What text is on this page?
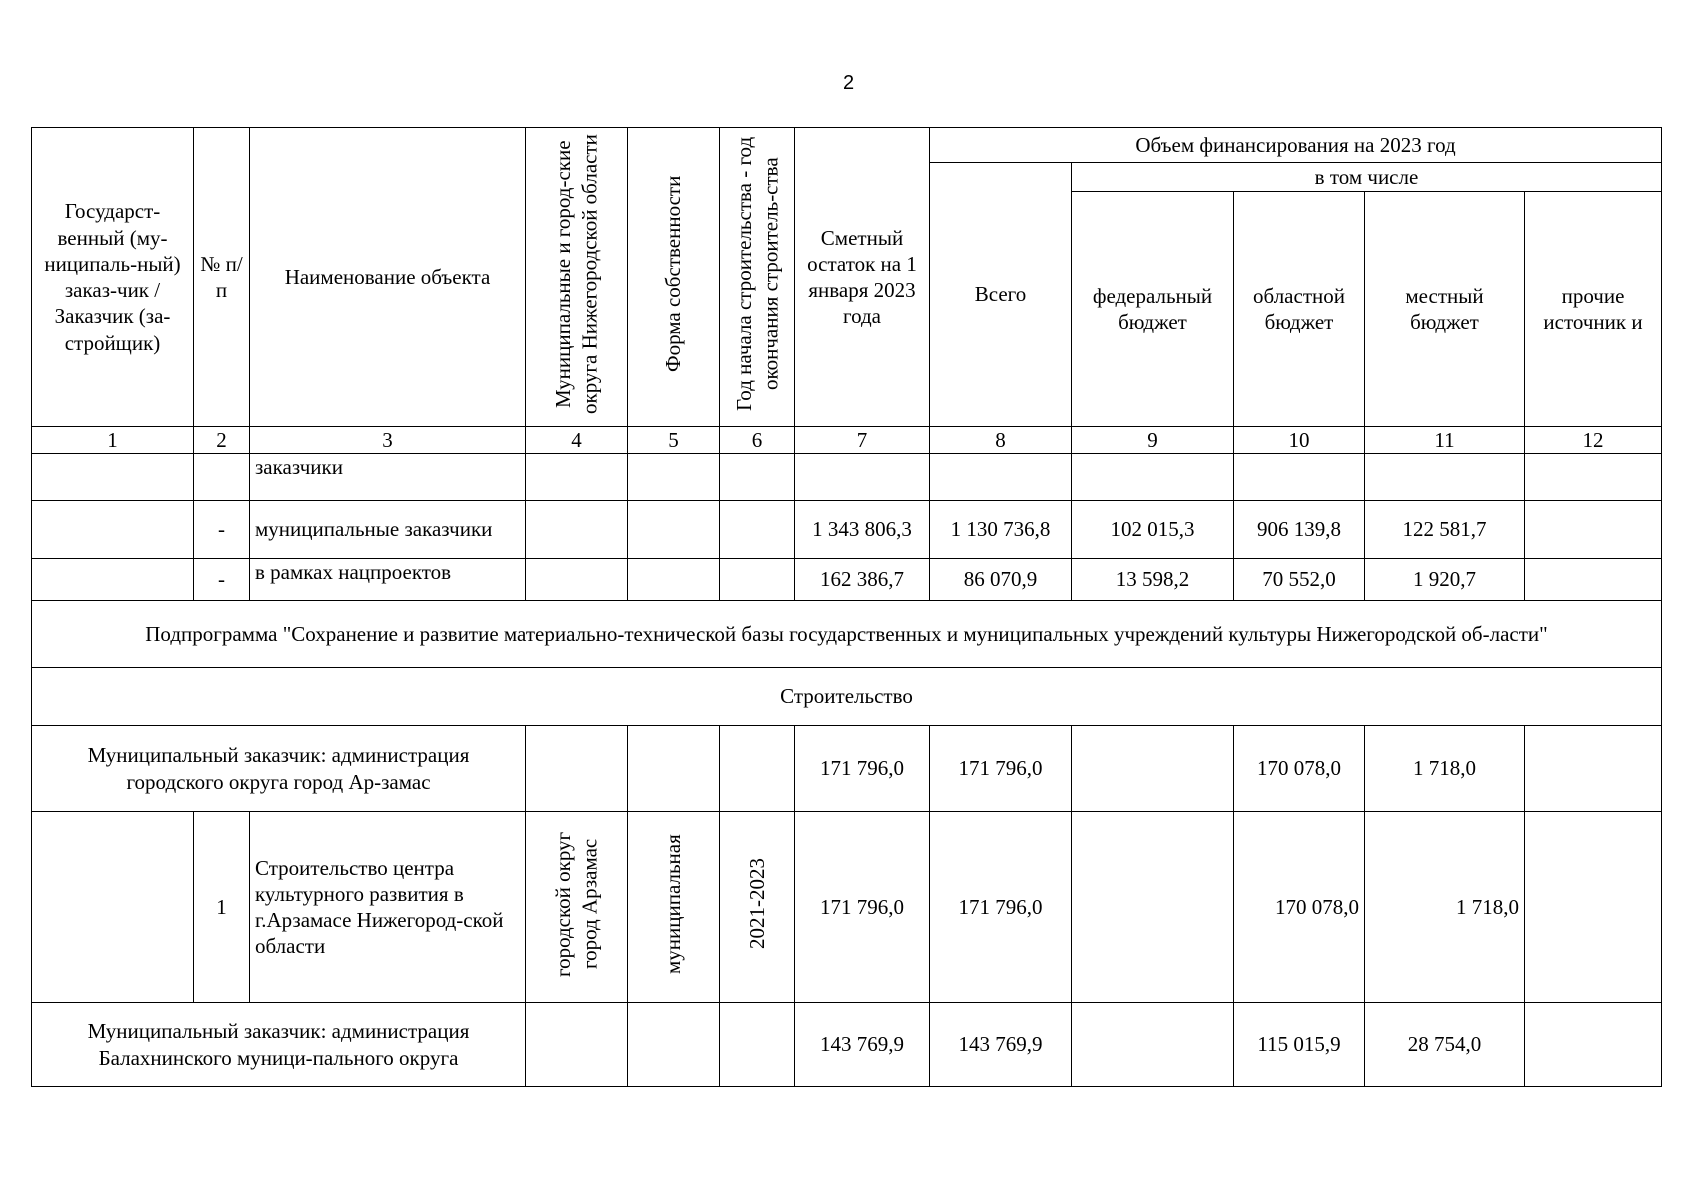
2
Государст-венный (му-ниципаль-ный) заказ-чик / Заказчик (за-стройщик)	№ п/п	Наименование объекта	Муниципальные и город-ские округа Нижегородской области	Форма собственности	Год начала строительства - год окончания строитель-ства	Сметный остаток на 1 января 2023 года	Объем финансирования на 2023 год				
							Всего	в том числе			
								федеральный бюджет	областной бюджет	местный бюджет	прочие источник и
1	2	3	4	5	6	7	8	9	10	11	12
		заказчики									
	-	муниципальные заказчики				1 343 806,3	1 130 736,8	102 015,3	906 139,8	122 581,7	
	-	в рамках нацпроектов				162 386,7	86 070,9	13 598,2	70 552,0	1 920,7	
Подпрограмма "Сохранение и развитие материально-технической базы государственных и муниципальных учреждений культуры Нижегородской об-ласти"											
Строительство											
Муниципальный заказчик: администрация городского округа город Ар-замас						171 796,0	171 796,0		170 078,0	1 718,0	
	1	Строительство центра культурного развития в г.Арзамасе Нижегород-ской области	городской округ город Арзамас	муниципальная	2021-2023	171 796,0	171 796,0		170 078,0	1 718,0	
Муниципальный заказчик: администрация Балахнинского муници-пального округа						143 769,9	143 769,9		115 015,9	28 754,0	
